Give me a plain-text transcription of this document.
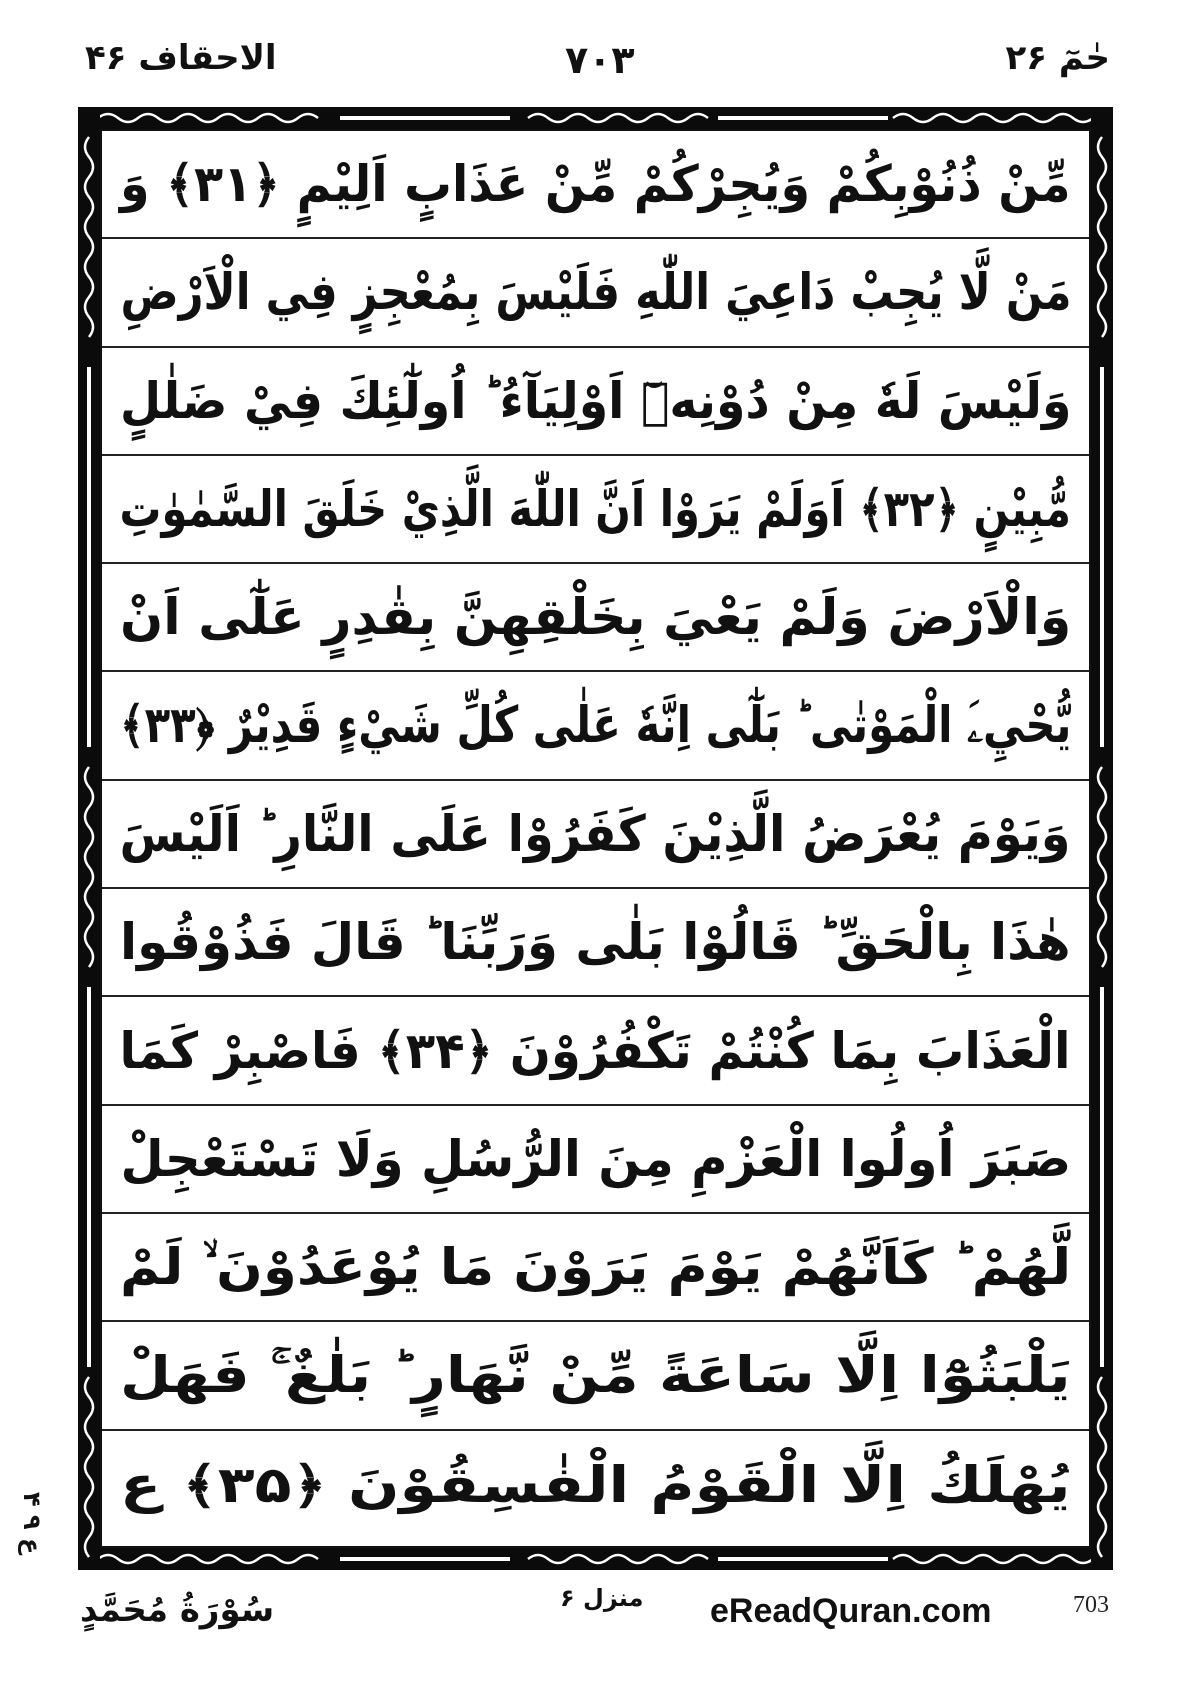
الاحقاف ۴۶	۷۰۳	حٰمٓ ۲۶
مِّنْ ذُنُوْبِكُمْ وَيُجِرْكُمْ مِّنْ عَذَابٍ اَلِيْمٍ ﴿۳۱﴾ وَ
مَنْ لَّا يُجِبْ دَاعِيَ اللّٰهِ فَلَيْسَ بِمُعْجِزٍ فِي الْاَرْضِ
وَلَيْسَ لَهٗ مِنْ دُوْنِهٖٓ اَوْلِيَآءُ ؕ اُولٰٓئِكَ فِيْ ضَلٰلٍ
مُّبِيْنٍ ﴿۳۲﴾ اَوَلَمْ يَرَوْا اَنَّ اللّٰهَ الَّذِيْ خَلَقَ السَّمٰوٰتِ
وَالْاَرْضَ وَلَمْ يَعْيَ بِخَلْقِهِنَّ بِقٰدِرٍ عَلٰٓى اَنْ
يُّحْيِۦَ الْمَوْتٰى ؕ بَلٰٓى اِنَّهٗ عَلٰى كُلِّ شَيْءٍ قَدِيْرٌ ﴿۳۳﴾
وَيَوْمَ يُعْرَضُ الَّذِيْنَ كَفَرُوْا عَلَى النَّارِ ؕ اَلَيْسَ
هٰذَا بِالْحَقِّ ؕ قَالُوْا بَلٰى وَرَبِّنَا ؕ قَالَ فَذُوْقُوا
الْعَذَابَ بِمَا كُنْتُمْ تَكْفُرُوْنَ ﴿۳۴﴾ فَاصْبِرْ كَمَا
صَبَرَ اُولُوا الْعَزْمِ مِنَ الرُّسُلِ وَلَا تَسْتَعْجِلْ
لَّهُمْ ؕ كَاَنَّهُمْ يَوْمَ يَرَوْنَ مَا يُوْعَدُوْنَ ۙ لَمْ
يَلْبَثُوْٓا اِلَّا سَاعَةً مِّنْ نَّهَارٍ ؕ بَلٰغٌ ۚ فَهَلْ
يُهْلَكُ اِلَّا الْقَوْمُ الْفٰسِقُوْنَ ﴿۳۵﴾ ع
ع ۹ ۴
سُوْرَةُ مُحَمَّدٍ	منزل ۶ eReadQuran.com	703
